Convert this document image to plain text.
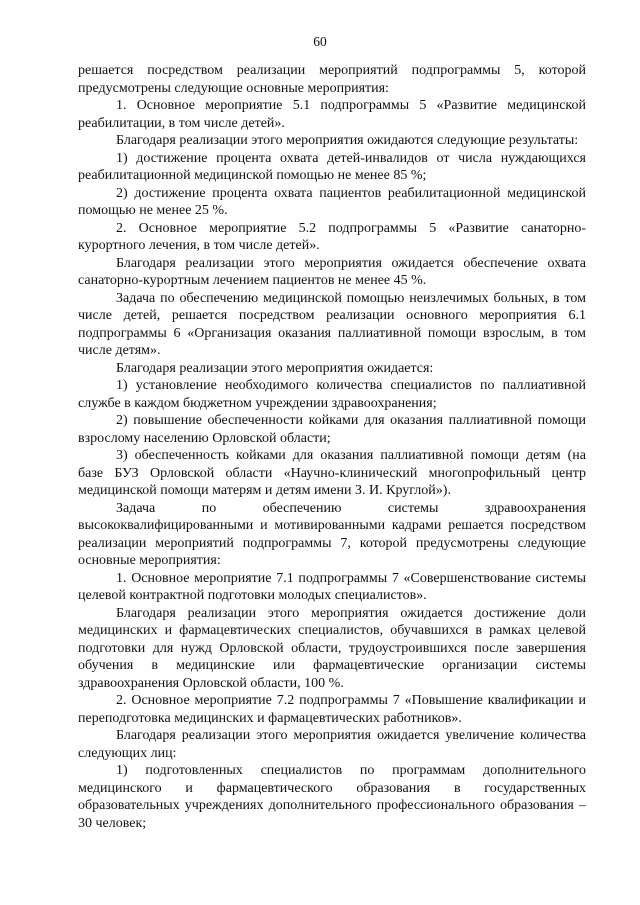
60

решается посредством реализации мероприятий подпрограммы 5, которой предусмотрены следующие основные мероприятия:

1. Основное мероприятие 5.1 подпрограммы 5 «Развитие медицинской реабилитации, в том числе детей».

Благодаря реализации этого мероприятия ожидаются следующие результаты:

1) достижение процента охвата детей-инвалидов от числа нуждающихся реабилитационной медицинской помощью не менее 85 %;

2) достижение процента охвата пациентов реабилитационной медицинской помощью не менее 25 %.

2. Основное мероприятие 5.2 подпрограммы 5 «Развитие санаторно-курортного лечения, в том числе детей».

Благодаря реализации этого мероприятия ожидается обеспечение охвата санаторно-курортным лечением пациентов не менее 45 %.

Задача по обеспечению медицинской помощью неизлечимых больных, в том числе детей, решается посредством реализации основного мероприятия 6.1 подпрограммы 6 «Организация оказания паллиативной помощи взрослым, в том числе детям».

Благодаря реализации этого мероприятия ожидается:

1) установление необходимого количества специалистов по паллиативной службе в каждом бюджетном учреждении здравоохранения;

2) повышение обеспеченности койками для оказания паллиативной помощи взрослому населению Орловской области;

3) обеспеченность койками для оказания паллиативной помощи детям (на базе БУЗ Орловской области «Научно-клинический многопрофильный центр медицинской помощи матерям и детям имени З. И. Круглой»).

Задача по обеспечению системы здравоохранения высококвалифицированными и мотивированными кадрами решается посредством реализации мероприятий подпрограммы 7, которой предусмотрены следующие основные мероприятия:

1. Основное мероприятие 7.1 подпрограммы 7 «Совершенствование системы целевой контрактной подготовки молодых специалистов».

Благодаря реализации этого мероприятия ожидается достижение доли медицинских и фармацевтических специалистов, обучавшихся в рамках целевой подготовки для нужд Орловской области, трудоустроившихся после завершения обучения в медицинские или фармацевтические организации системы здравоохранения Орловской области, 100 %.

2. Основное мероприятие 7.2 подпрограммы 7 «Повышение квалификации и переподготовка медицинских и фармацевтических работников».

Благодаря реализации этого мероприятия ожидается увеличение количества следующих лиц:

1) подготовленных специалистов по программам дополнительного медицинского и фармацевтического образования в государственных образовательных учреждениях дополнительного профессионального образования – 30 человек;
